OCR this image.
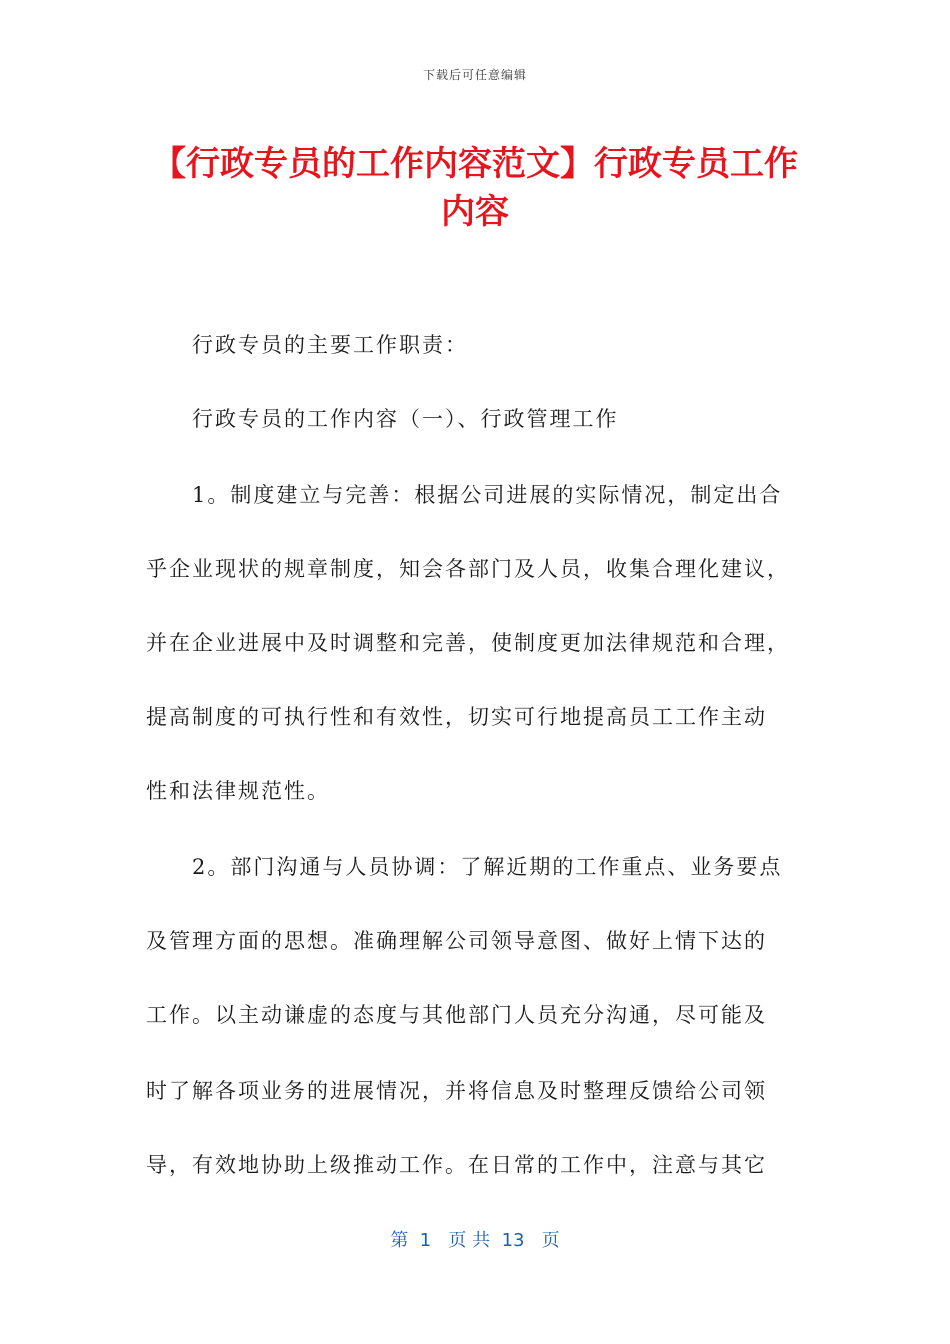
下载后可任意编辑
【行政专员的工作内容范文】行政专员工作内容
行政专员的主要工作职责：
行政专员的工作内容（一）、行政管理工作
1。制度建立与完善：根据公司进展的实际情况，制定出合
乎企业现状的规章制度，知会各部门及人员，收集合理化建议，
并在企业进展中及时调整和完善，使制度更加法律规范和合理，
提高制度的可执行性和有效性，切实可行地提高员工工作主动
性和法律规范性。
2。部门沟通与人员协调：了解近期的工作重点、业务要点
及管理方面的思想。准确理解公司领导意图、做好上情下达的
工作。以主动谦虚的态度与其他部门人员充分沟通，尽可能及
时了解各项业务的进展情况，并将信息及时整理反馈给公司领
导，有效地协助上级推动工作。在日常的工作中，注意与其它
第  1   页 共  13   页
